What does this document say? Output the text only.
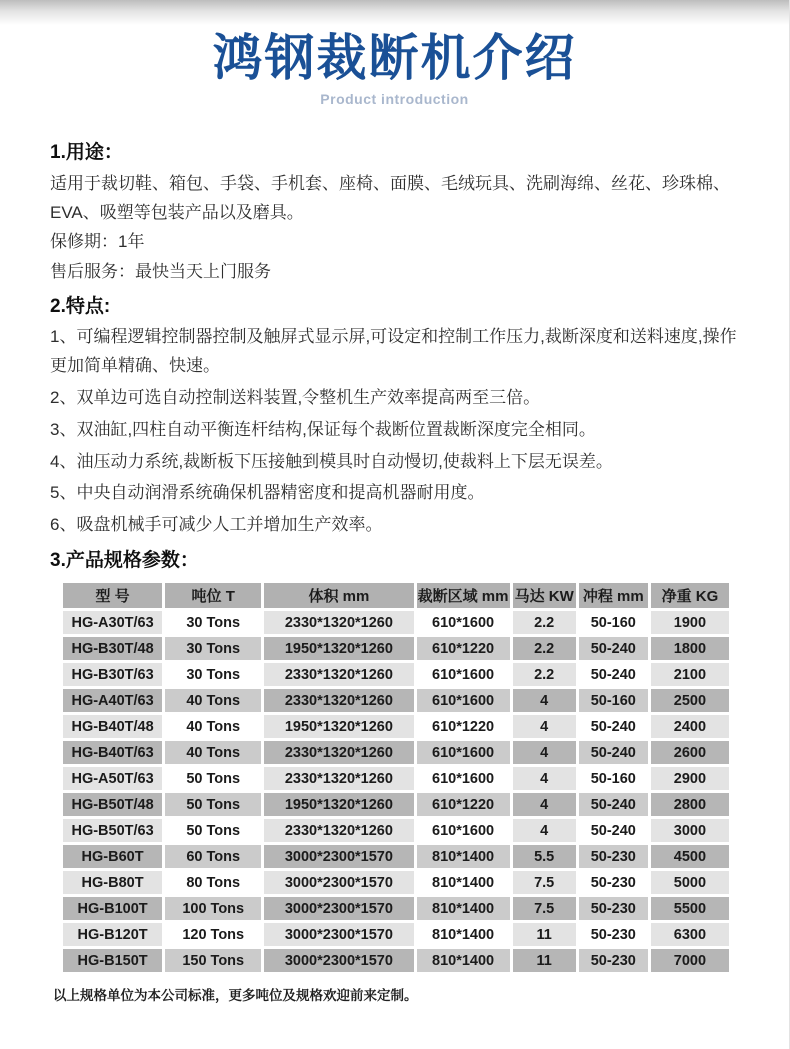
鸿钢裁断机介绍
Product introduction
1.用途：

适用于裁切鞋、箱包、手袋、手机套、座椅、面膜、毛绒玩具、洗刷海绵、丝花、珍珠棉、EVA、吸塑等包装产品以及磨具。

保修期：1年
售后服务：最快当天上门服务
2.特点:
1、可编程逻辑控制器控制及触屏式显示屏,可设定和控制工作压力,裁断深度和送料速度,操作更加简单精确、快速。
2、双单边可选自动控制送料装置,令整机生产效率提高两至三倍。
3、双油缸,四柱自动平衡连杆结构,保证每个裁断位置裁断深度完全相同。
4、油压动力系统,裁断板下压接触到模具时自动慢切,使裁料上下层无误差。
5、中央自动润滑系统确保机器精密度和提高机器耐用度。
6、吸盘机械手可减少人工并增加生产效率。
3.产品规格参数：
型 号	吨位 T	体积 mm	裁断区域 mm	马达 KW	冲程 mm	净重 KG
HG-A30T/63	30 Tons	2330*1320*1260	610*1600	2.2	50-160	1900
HG-B30T/48	30 Tons	1950*1320*1260	610*1220	2.2	50-240	1800
HG-B30T/63	30 Tons	2330*1320*1260	610*1600	2.2	50-240	2100
HG-A40T/63	40 Tons	2330*1320*1260	610*1600	4	50-160	2500
HG-B40T/48	40 Tons	1950*1320*1260	610*1220	4	50-240	2400
HG-B40T/63	40 Tons	2330*1320*1260	610*1600	4	50-240	2600
HG-A50T/63	50 Tons	2330*1320*1260	610*1600	4	50-160	2900
HG-B50T/48	50 Tons	1950*1320*1260	610*1220	4	50-240	2800
HG-B50T/63	50 Tons	2330*1320*1260	610*1600	4	50-240	3000
HG-B60T	60 Tons	3000*2300*1570	810*1400	5.5	50-230	4500
HG-B80T	80 Tons	3000*2300*1570	810*1400	7.5	50-230	5000
HG-B100T	100 Tons	3000*2300*1570	810*1400	7.5	50-230	5500
HG-B120T	120 Tons	3000*2300*1570	810*1400	11	50-230	6300
HG-B150T	150 Tons	3000*2300*1570	810*1400	11	50-230	7000
以上规格单位为本公司标准，更多吨位及规格欢迎前来定制。
